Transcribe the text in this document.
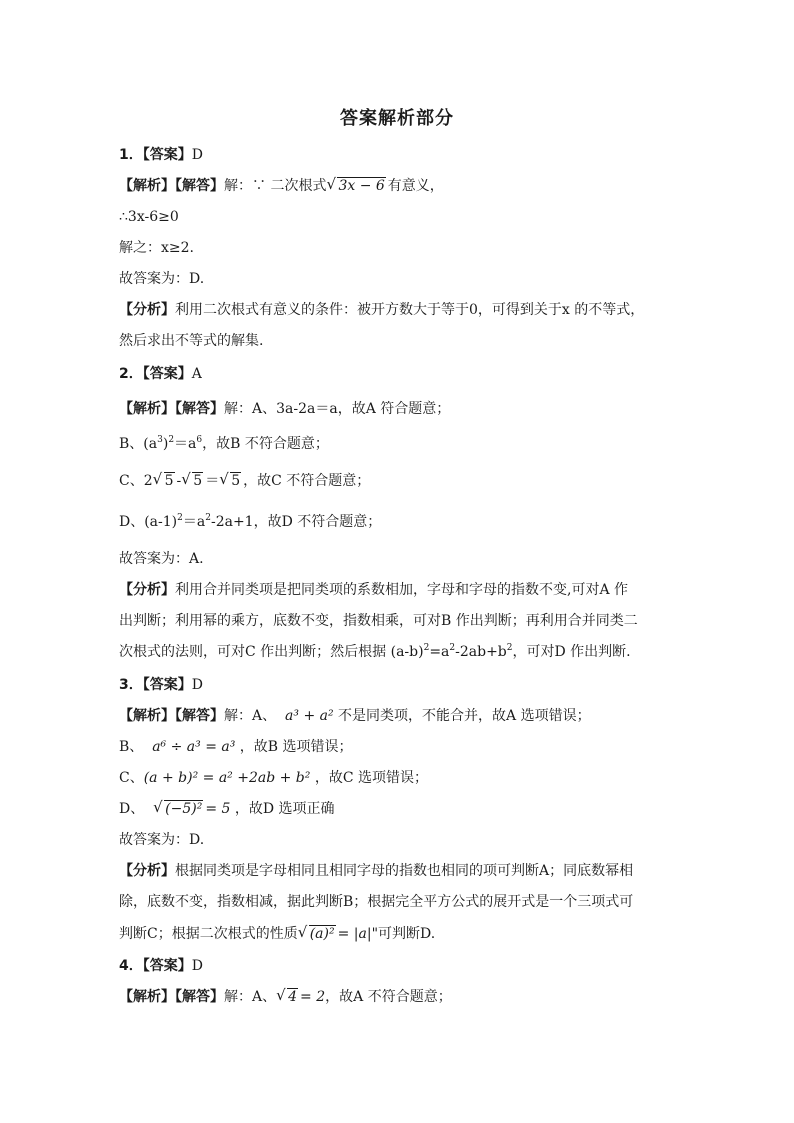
答案解析部分
1．【答案】D
【解析】【解答】解：∵ 二次根式 √ 3x − 6 有意义，
∴3x-6≥0
解之：x≥2.
故答案为：D.
【分析】利用二次根式有意义的条件：被开方数大于等于0，可得到关于x 的不等式，
然后求出不等式的解集.
2．【答案】A
【解析】【解答】解：A、3a-2a＝a，故A 符合题意；
B、$(a^3)^2=a^6$，故B 不符合题意；
C、2 √ 5 - √ 5 ＝ √ 5 ，故C 不符合题意；
D、$(a-1)^2=a^2-2a+1$，故D 不符合题意；
故答案为：A.
【分析】利用合并同类项是把同类项的系数相加，字母和字母的指数不变,可对A 作
出判断；利用幂的乘方，底数不变，指数相乘，可对B 作出判断；再利用合并同类二
次根式的法则，可对C 作出判断；然后根据 $(a-b)^2=a^2-2ab+b^2$，可对D 作出判断.
3．【答案】D
【解析】【解答】解：A、 a³ + a² 不是同类项，不能合并，故A 选项错误；
B、 a⁶ ÷ a³ = a³ ，故B 选项错误；
C、(a + b)² = a² +2ab + b² ，故C 选项错误；
D、 √ (−5)² = 5 ，故D 选项正确
故答案为：D.
【分析】根据同类项是字母相同且相同字母的指数也相同的项可判断A；同底数幂相
除，底数不变，指数相减，据此判断B；根据完全平方公式的展开式是一个三项式可
判断C；根据二次根式的性质 √ (a)² = |a|"可判断D.
4．【答案】D
【解析】【解答】解：A、 √ 4 = 2，故A 不符合题意；
